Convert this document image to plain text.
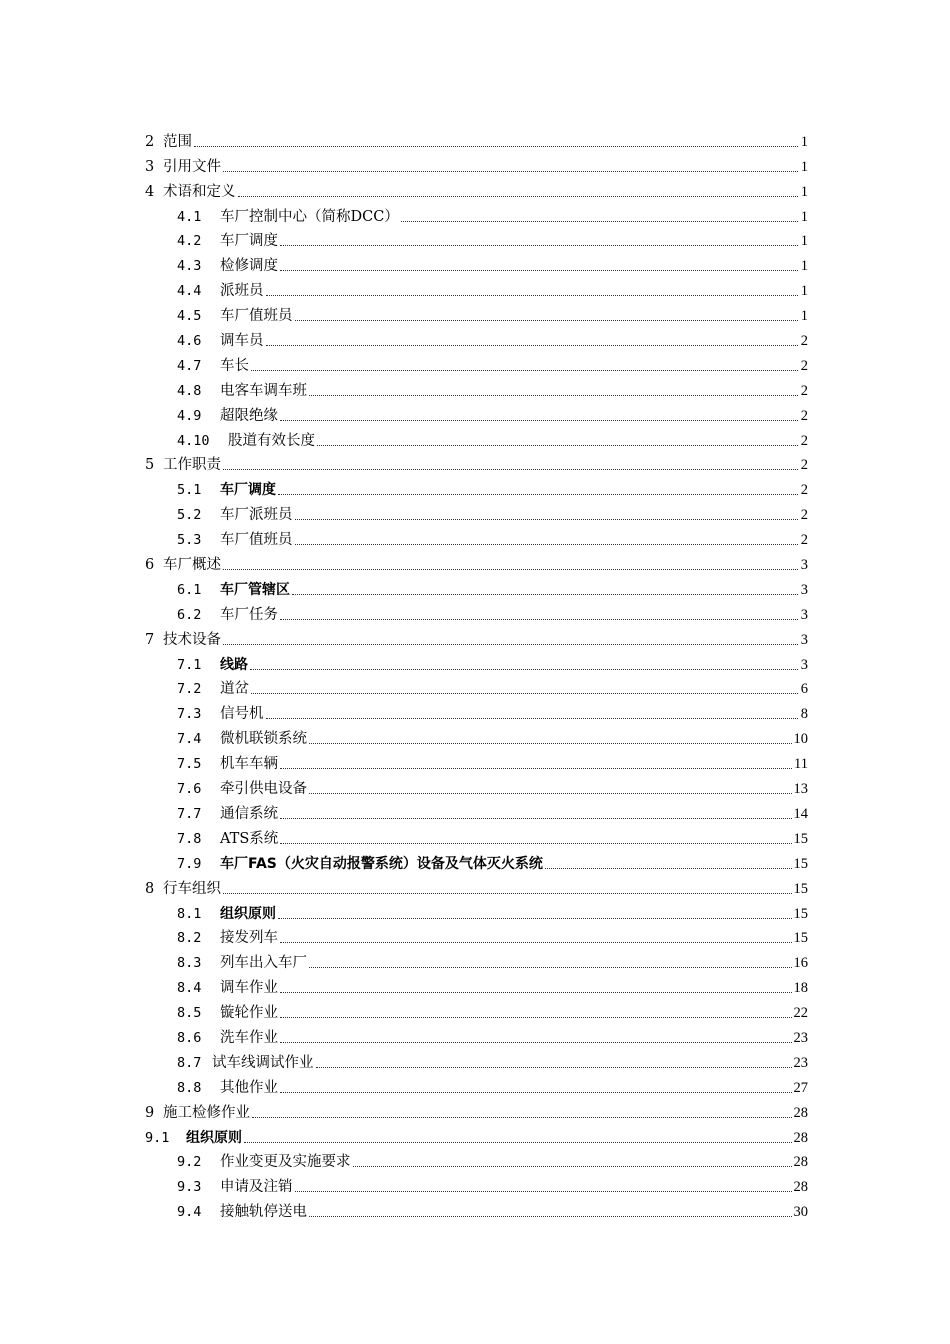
2 范围	1
3 引用文件	1
4 术语和定义	1
4.1	车厂控制中心（简称DCC）	1
4.2	车厂调度	1
4.3	检修调度	1
4.4	派班员	1
4.5	车厂值班员	1
4.6	调车员	2
4.7	车长	2
4.8	电客车调车班	2
4.9	超限绝缘	2
4.10	股道有效长度	2
5 工作职责	2
5.1	车厂调度	2
5.2	车厂派班员	2
5.3	车厂值班员	2
6 车厂概述	3
6.1	车厂管辖区	3
6.2	车厂任务	3
7 技术设备	3
7.1	线路	3
7.2	道岔	6
7.3	信号机	8
7.4	微机联锁系统	10
7.5	机车车辆	11
7.6	牵引供电设备	13
7.7	通信系统	14
7.8	ATS系统	15
7.9	车厂FAS（火灾自动报警系统）设备及气体灭火系统	15
8 行车组织	15
8.1	组织原则	15
8.2	接发列车	15
8.3	列车出入车厂	16
8.4	调车作业	18
8.5	镟轮作业	22
8.6	洗车作业	23
8.7 试车线调试作业	23
8.8	其他作业	27
9 施工检修作业	28
9.1	组织原则	28
9.2	作业变更及实施要求	28
9.3	申请及注销	28
9.4	接触轨停送电	30
